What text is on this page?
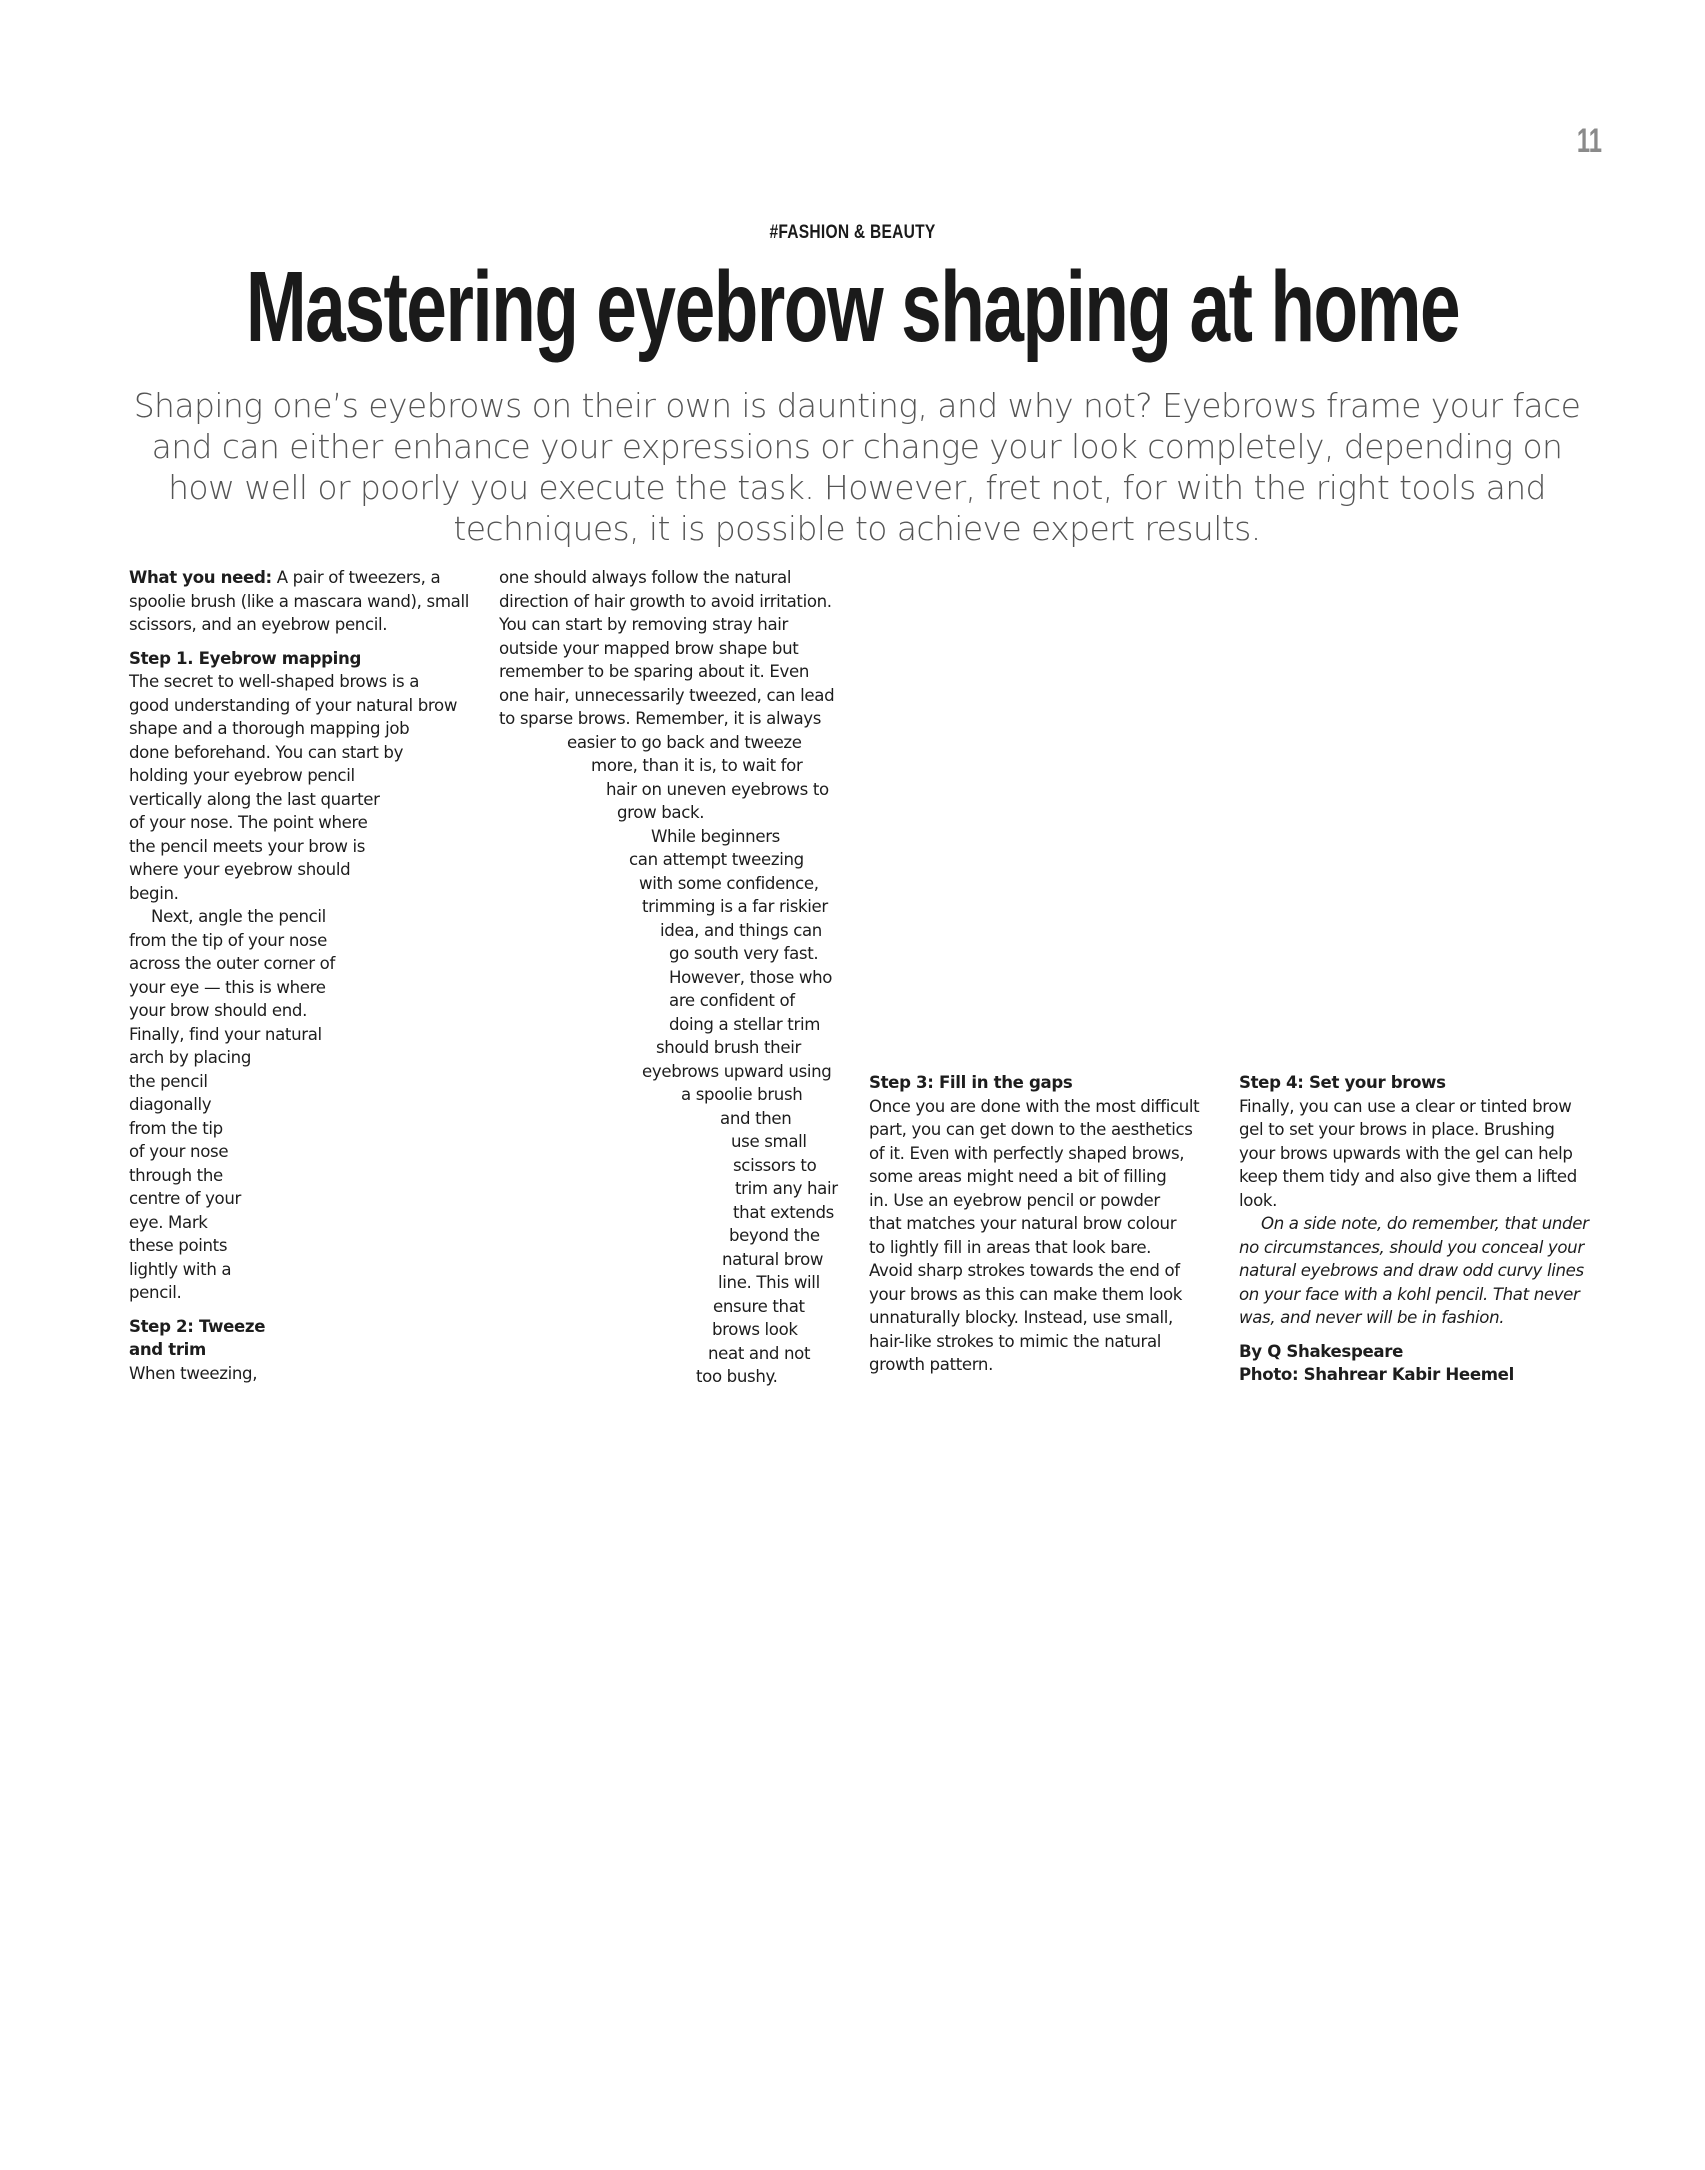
11
#FASHION & BEAUTY
Mastering eyebrow shaping at home
Shaping one’s eyebrows on their own is daunting, and why not? Eyebrows frame your face and can either enhance your expressions or change your look completely, depending on how well or poorly you execute the task. However, fret not, for with the right tools and techniques, it is possible to achieve expert results.
What you need: A pair of tweezers, a
spoolie brush (like a mascara wand), small
scissors, and an eyebrow pencil.
Step 1. Eyebrow mapping
The secret to well-shaped brows is a
good understanding of your natural brow
shape and a thorough mapping job
done beforehand. You can start by
holding your eyebrow pencil
vertically along the last quarter
of your nose. The point where
the pencil meets your brow is
where your eyebrow should
begin.
Next, angle the pencil
from the tip of your nose
across the outer corner of
your eye — this is where
your brow should end.
Finally, find your natural
arch by placing
the pencil
diagonally
from the tip
of your nose
through the
centre of your
eye. Mark
these points
lightly with a
pencil.
Step 2: Tweeze
and trim
When tweezing,
one should always follow the natural
direction of hair growth to avoid irritation.
You can start by removing stray hair
outside your mapped brow shape but
remember to be sparing about it. Even
one hair, unnecessarily tweezed, can lead
to sparse brows. Remember, it is always
easier to go back and tweeze
more, than it is, to wait for
hair on uneven eyebrows to
grow back.
While beginners
can attempt tweezing
with some confidence,
trimming is a far riskier
idea, and things can
go south very fast.
However, those who
are confident of
doing a stellar trim
should brush their
eyebrows upward using
a spoolie brush
and then
use small
scissors to
trim any hair
that extends
beyond the
natural brow
line. This will
ensure that
brows look
neat and not
too bushy.
Step 3: Fill in the gaps
Once you are done with the most difficult
part, you can get down to the aesthetics
of it. Even with perfectly shaped brows,
some areas might need a bit of filling
in. Use an eyebrow pencil or powder
that matches your natural brow colour
to lightly fill in areas that look bare.
Avoid sharp strokes towards the end of
your brows as this can make them look
unnaturally blocky. Instead, use small,
hair-like strokes to mimic the natural
growth pattern.
Step 4: Set your brows
Finally, you can use a clear or tinted brow
gel to set your brows in place. Brushing
your brows upwards with the gel can help
keep them tidy and also give them a lifted
look.
On a side note, do remember, that under
no circumstances, should you conceal your
natural eyebrows and draw odd curvy lines
on your face with a kohl pencil. That never
was, and never will be in fashion.
By Q Shakespeare
Photo: Shahrear Kabir Heemel
